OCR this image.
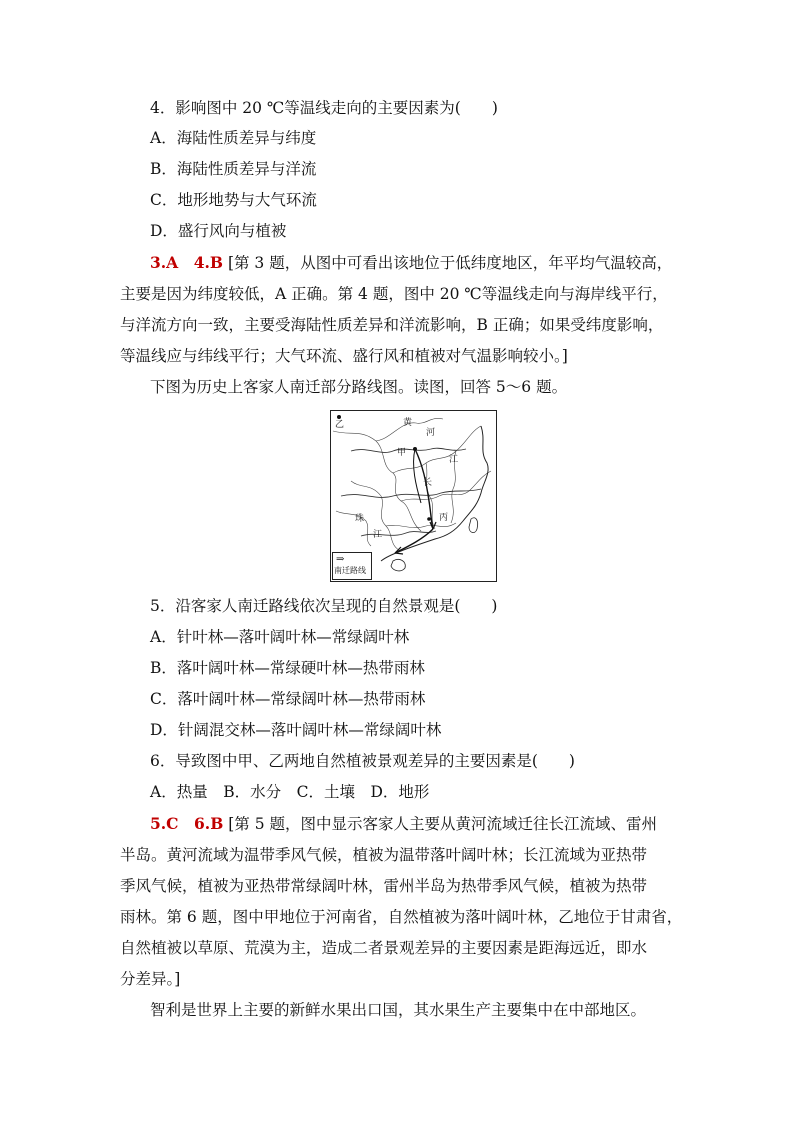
4．影响图中 20 ℃等温线走向的主要因素为(　　)
A．海陆性质差异与纬度
B．海陆性质差异与洋流
C．地形地势与大气环流
D．盛行风向与植被
3.A　4.B [第 3 题，从图中可看出该地位于低纬度地区，年平均气温较高，
主要是因为纬度较低，A 正确。第 4 题，图中 20 ℃等温线走向与海岸线平行，
与洋流方向一致，主要受海陆性质差异和洋流影响，B 正确；如果受纬度影响，
等温线应与纬线平行；大气环流、盛行风和植被对气温影响较小。]
下图为历史上客家人南迁部分路线图。读图，回答 5～6 题。
乙	黄
河
甲
江
长
丙
珠
江
⇒
南迁路线
5．沿客家人南迁路线依次呈现的自然景观是(　　)
A．针叶林—落叶阔叶林—常绿阔叶林
B．落叶阔叶林—常绿硬叶林—热带雨林
C．落叶阔叶林—常绿阔叶林—热带雨林
D．针阔混交林—落叶阔叶林—常绿阔叶林
6．导致图中甲、乙两地自然植被景观差异的主要因素是(　　)
A．热量　B．水分　C．土壤　D．地形
5.C　6.B [第 5 题，图中显示客家人主要从黄河流域迁往长江流域、雷州
半岛。黄河流域为温带季风气候，植被为温带落叶阔叶林；长江流域为亚热带
季风气候，植被为亚热带常绿阔叶林，雷州半岛为热带季风气候，植被为热带
雨林。第 6 题，图中甲地位于河南省，自然植被为落叶阔叶林，乙地位于甘肃省，
自然植被以草原、荒漠为主，造成二者景观差异的主要因素是距海远近，即水
分差异。]
智利是世界上主要的新鲜水果出口国，其水果生产主要集中在中部地区。
